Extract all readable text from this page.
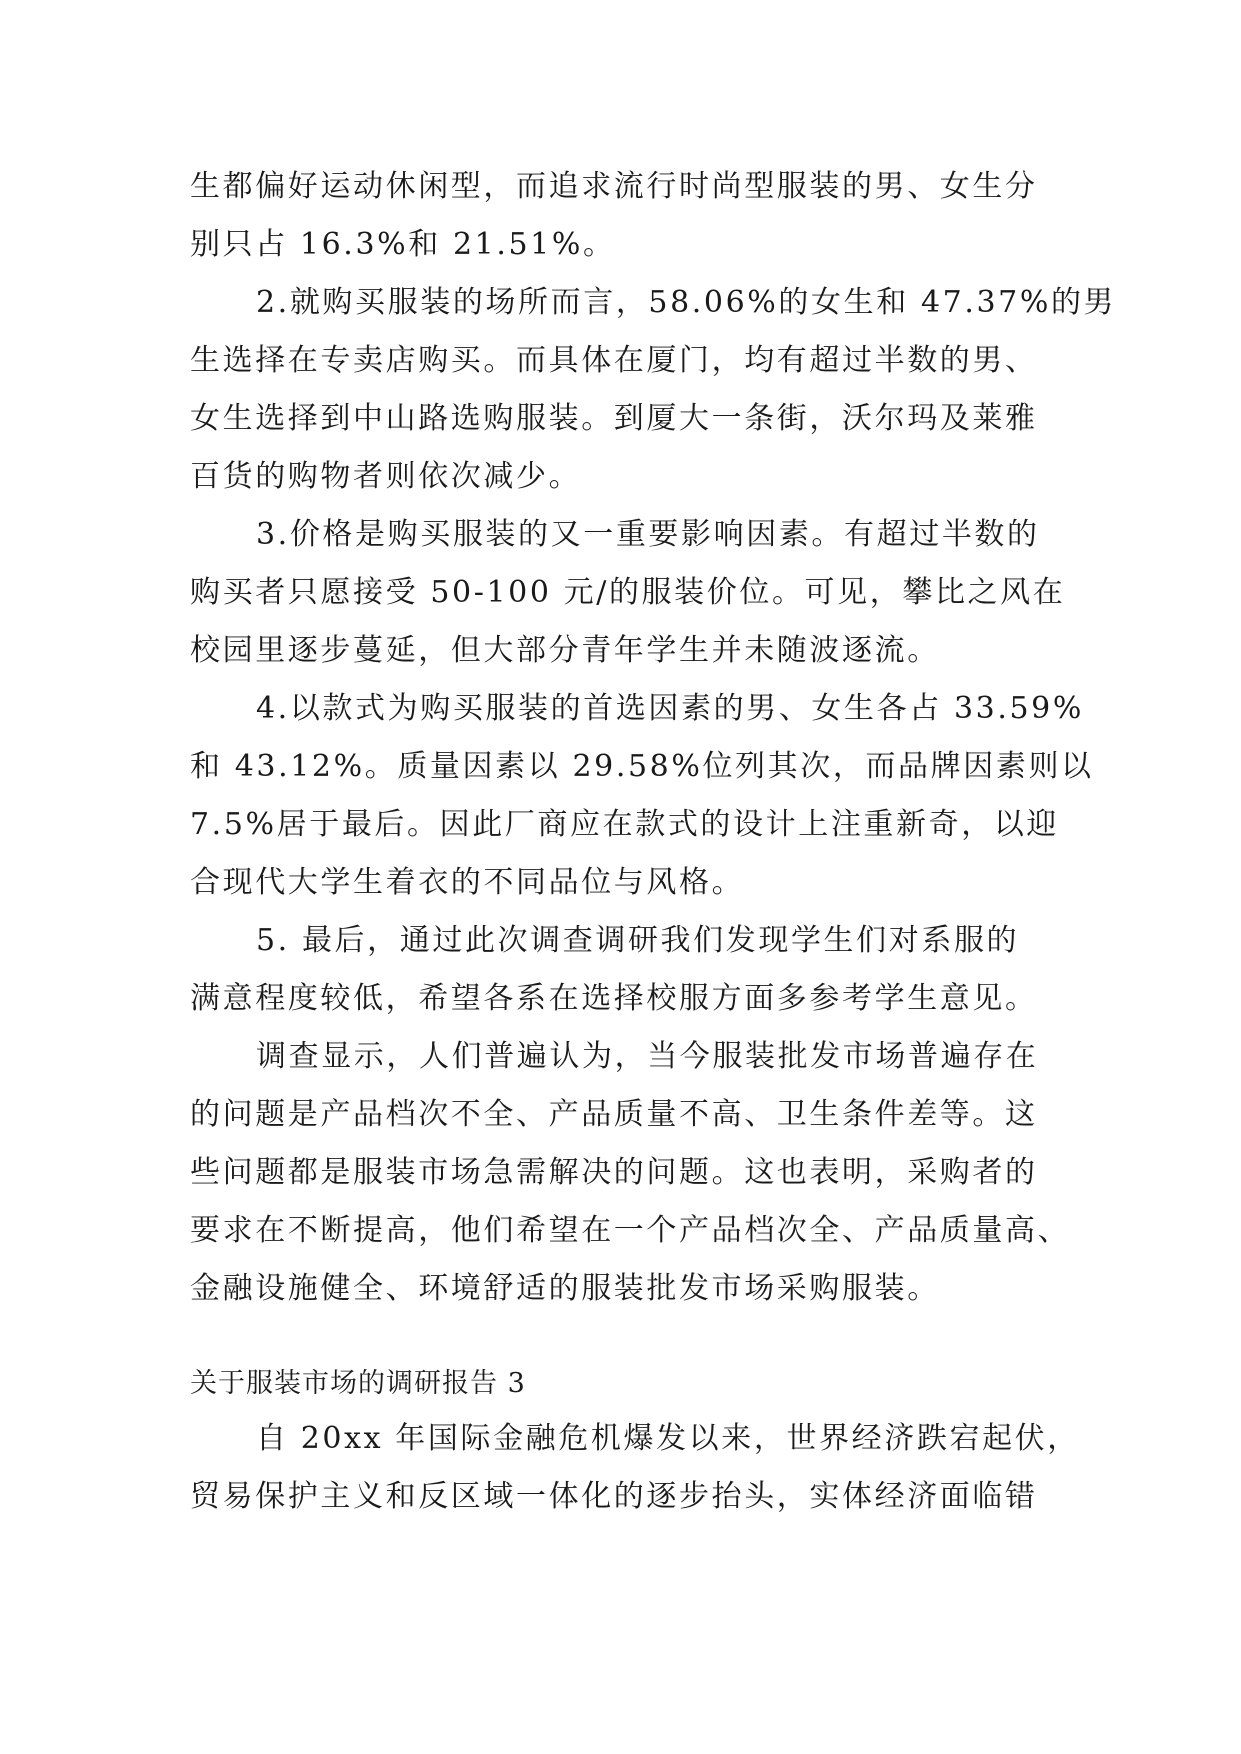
生都偏好运动休闲型，而追求流行时尚型服装的男、女生分
别只占 16.3%和 21.51%。
2.就购买服装的场所而言，58.06%的女生和 47.37%的男
生选择在专卖店购买。而具体在厦门，均有超过半数的男、
女生选择到中山路选购服装。到厦大一条街，沃尔玛及莱雅
百货的购物者则依次减少。
3.价格是购买服装的又一重要影响因素。有超过半数的
购买者只愿接受 50-100 元/的服装价位。可见，攀比之风在
校园里逐步蔓延，但大部分青年学生并未随波逐流。
4.以款式为购买服装的首选因素的男、女生各占 33.59%
和 43.12%。质量因素以 29.58%位列其次，而品牌因素则以
7.5%居于最后。因此厂商应在款式的设计上注重新奇，以迎
合现代大学生着衣的不同品位与风格。
5. 最后，通过此次调查调研我们发现学生们对系服的
满意程度较低，希望各系在选择校服方面多参考学生意见。
调查显示，人们普遍认为，当今服装批发市场普遍存在
的问题是产品档次不全、产品质量不高、卫生条件差等。这
些问题都是服装市场急需解决的问题。这也表明，采购者的
要求在不断提高，他们希望在一个产品档次全、产品质量高、
金融设施健全、环境舒适的服装批发市场采购服装。
关于服装市场的调研报告 3
自 20xx 年国际金融危机爆发以来，世界经济跌宕起伏，
贸易保护主义和反区域一体化的逐步抬头，实体经济面临错
